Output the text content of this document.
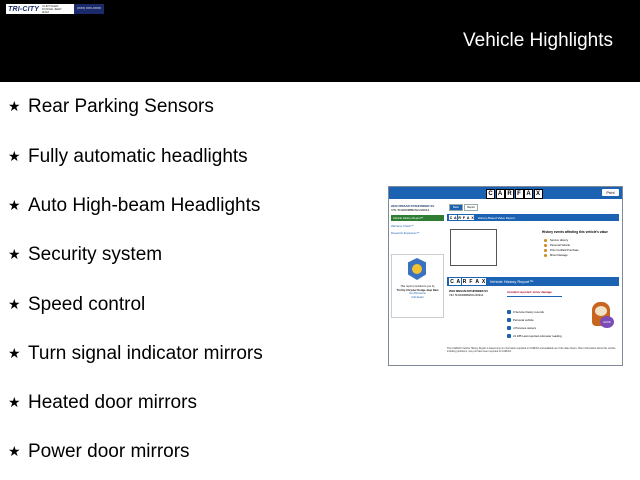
TRI-CITY CHRYSLER DODGE JEEP RAM
(XXX) XXX-XXXX
Vehicle Highlights
★ Rear Parking Sensors
★ Fully automatic headlights
★ Auto High-beam Headlights
★ Security system
★ Speed control
★ Turn signal indicator mirrors
★ Heated door mirrors
★ Power door mirrors
C A R F A X	Print
Basic	Report
2022 NISSAN PATHFINDER SV
VIN: 5N1DR3BB2NC220914
Vehicle History Report™
Warranty Check™
Research Expansion™
This report provided to you by
Tri-City Chrysler Dodge Jeep Ram
Get Directions
Call dealer
C A R F A X History-Based Value Report
History events affecting this vehicle's value
Service History
Personal Vehicle
Prior Certified Purchase
Minor Damage
C A R F A X	Vehicle History Report™
2022 NISSAN PATHFINDER SV
VIN: 5N1DR3BB2NC220914
Accident reported: minor damage
9 Service history records
Personal vehicle
4 Previous owners
21,185 Last reported odometer reading
GOOD
This CARFAX Vehicle History Report is based only on information supplied to CARFAX and available as of the date shown. Other information about this vehicle, including problems, may not have been reported to CARFAX.
